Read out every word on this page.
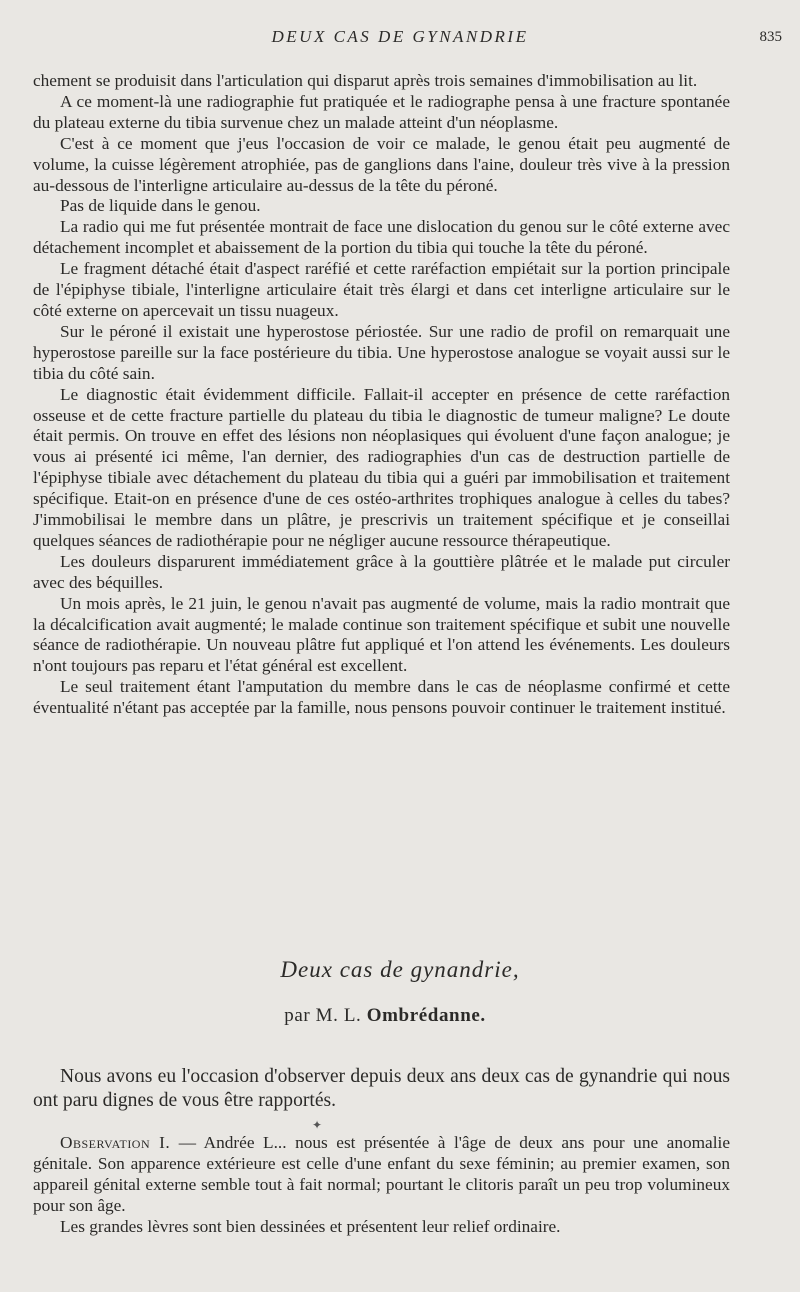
DEUX CAS DE GYNANDRIE	835

chement se produisit dans l'articulation qui disparut après trois semaines d'immobilisation au lit.

A ce moment-là une radiographie fut pratiquée et le radiographe pensa à une fracture spontanée du plateau externe du tibia survenue chez un malade atteint d'un néoplasme.

C'est à ce moment que j'eus l'occasion de voir ce malade, le genou était peu augmenté de volume, la cuisse légèrement atrophiée, pas de ganglions dans l'aine, douleur très vive à la pression au-dessous de l'interligne articulaire au-dessus de la tête du péroné.

Pas de liquide dans le genou.

La radio qui me fut présentée montrait de face une dislocation du genou sur le côté externe avec détachement incomplet et abaissement de la portion du tibia qui touche la tête du péroné.

Le fragment détaché était d'aspect raréfié et cette raréfaction empiétait sur la portion principale de l'épiphyse tibiale, l'interligne articulaire était très élargi et dans cet interligne articulaire sur le côté externe on apercevait un tissu nuageux.

Sur le péroné il existait une hyperostose périostée. Sur une radio de profil on remarquait une hyperostose pareille sur la face postérieure du tibia. Une hyperostose analogue se voyait aussi sur le tibia du côté sain.

Le diagnostic était évidemment difficile. Fallait-il accepter en présence de cette raréfaction osseuse et de cette fracture partielle du plateau du tibia le diagnostic de tumeur maligne? Le doute était permis. On trouve en effet des lésions non néoplasiques qui évoluent d'une façon analogue; je vous ai présenté ici même, l'an dernier, des radiographies d'un cas de destruction partielle de l'épiphyse tibiale avec détachement du plateau du tibia qui a guéri par immobilisation et traitement spécifique. Etait-on en présence d'une de ces ostéo-arthrites trophiques analogue à celles du tabes? J'immobilisai le membre dans un plâtre, je prescrivis un traitement spécifique et je conseillai quelques séances de radiothérapie pour ne négliger aucune ressource thérapeutique.

Les douleurs disparurent immédiatement grâce à la gouttière plâtrée et le malade put circuler avec des béquilles.

Un mois après, le 21 juin, le genou n'avait pas augmenté de volume, mais la radio montrait que la décalcification avait augmenté; le malade continue son traitement spécifique et subit une nouvelle séance de radiothérapie. Un nouveau plâtre fut appliqué et l'on attend les événements. Les douleurs n'ont toujours pas reparu et l'état général est excellent.

Le seul traitement étant l'amputation du membre dans le cas de néoplasme confirmé et cette éventualité n'étant pas acceptée par la famille, nous pensons pouvoir continuer le traitement institué.

Deux cas de gynandrie,
par M. L. Ombrédanne.

Nous avons eu l'occasion d'observer depuis deux ans deux cas de gynandrie qui nous ont paru dignes de vous être rapportés.

✦

Observation I. — Andrée L... nous est présentée à l'âge de deux ans pour une anomalie génitale. Son apparence extérieure est celle d'une enfant du sexe féminin; au premier examen, son appareil génital externe semble tout à fait normal; pourtant le clitoris paraît un peu trop volumineux pour son âge.

Les grandes lèvres sont bien dessinées et présentent leur relief ordinaire.
